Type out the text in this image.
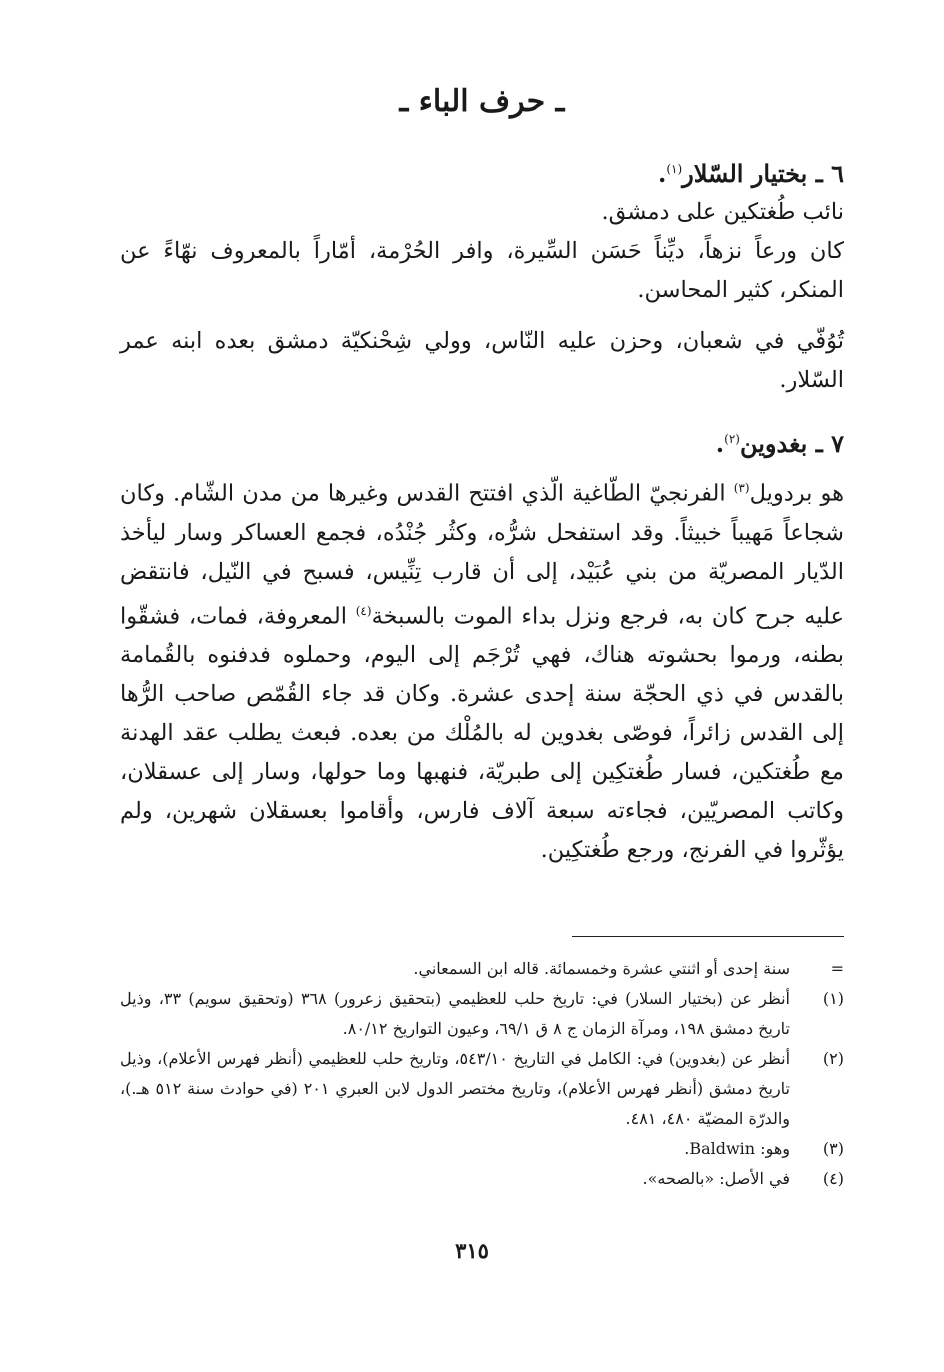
ـ حرف الباء ـ

٦ ـ بختيار السّلار$^{(١)}$.

نائب طُغتكين على دمشق.

كان ورعاً نزهاً، ديِّناً حَسَن السِّيرة، وافر الحُرْمة، أمّاراً بالمعروف نهّاءً عن المنكر، كثير المحاسن.

تُوُفّي في شعبان، وحزن عليه النّاس، وولي شِحْنكيّة دمشق بعده ابنه عمر السّلار.

٧ ـ بغدوين$^{(٢)}$.

هو بردويل$^{(٣)}$ الفرنجيّ الطّاغية الّذي افتتح القدس وغيرها من مدن الشّام. وكان شجاعاً مَهيباً خبيثاً. وقد استفحل شرُّه، وكثُر جُنْدُه، فجمع العساكر وسار ليأخذ الدّيار المصريّة من بني عُبَيْد، إلى أن قارب تِنِّيس، فسبح في النّيل، فانتقض عليه جرح كان به، فرجع ونزل بداء الموت بالسبخة$^{(٤)}$ المعروفة، فمات، فشقّوا بطنه، ورموا بحشوته هناك، فهي تُرْجَم إلى اليوم، وحملوه فدفنوه بالقُمامة بالقدس في ذي الحجّة سنة إحدى عشرة. وكان قد جاء القُمّص صاحب الرُّها إلى القدس زائراً، فوصّى بغدوين له بالمُلْك من بعده. فبعث يطلب عقد الهدنة مع طُغتكين، فسار طُغتكِين إلى طبريّة، فنهبها وما حولها، وسار إلى عسقلان، وكاتب المصريّين، فجاءته سبعة آلاف فارس، وأقاموا بعسقلان شهرين، ولم يؤثّروا في الفرنج، ورجع طُغتكِين.

=
سنة إحدى أو اثنتي عشرة وخمسمائة. قاله ابن السمعاني.
(١)
أنظر عن (بختيار السلار) في: تاريخ حلب للعظيمي (بتحقيق زعرور) ٣٦٨ (وتحقيق سويم) ٣٣، وذيل تاريخ دمشق ١٩٨، ومرآة الزمان ج ٨ ق ٦٩/١، وعيون التواريخ ٨٠/١٢.
(٢)
أنظر عن (بغدوين) في: الكامل في التاريخ ٥٤٣/١٠، وتاريخ حلب للعظيمي (أنظر فهرس الأعلام)، وذيل تاريخ دمشق (أنظر فهرس الأعلام)، وتاريخ مختصر الدول لابن العبري ٢٠١ (في حوادث سنة ٥١٢ هـ.)، والدرّة المضيّة ٤٨٠، ٤٨١.
(٣)
وهو: Baldwin.
(٤)
في الأصل: «بالصحه».
٣١٥
